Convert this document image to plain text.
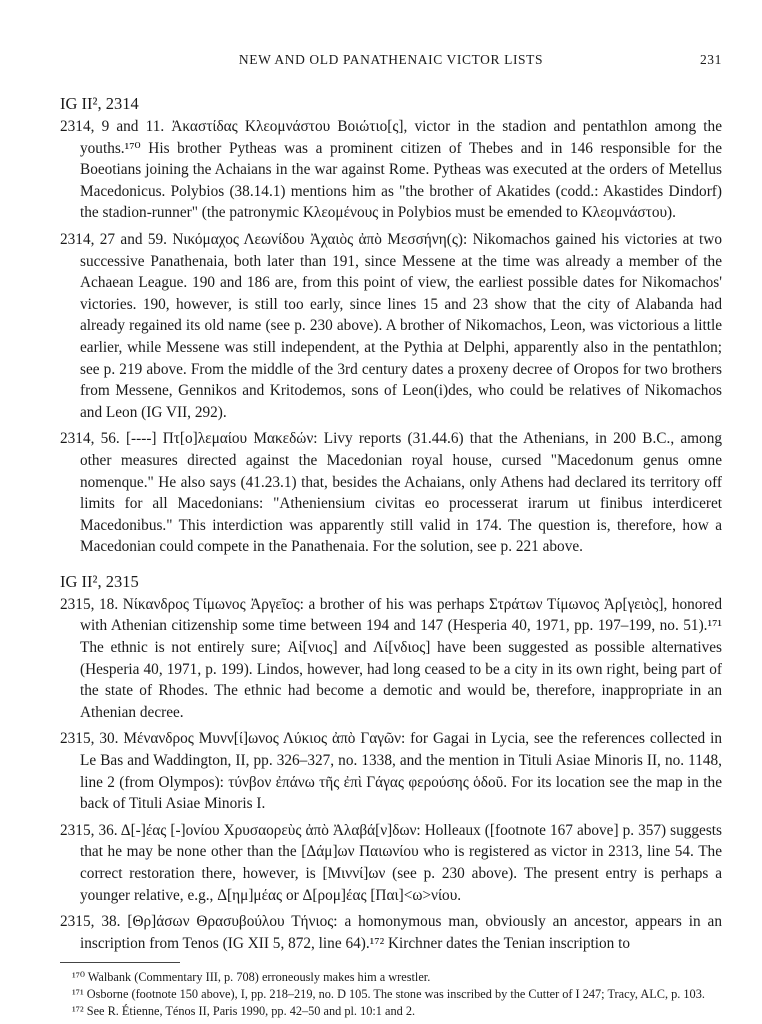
NEW AND OLD PANATHENAIC VICTOR LISTS	231
IG II², 2314

2314, 9 and 11. Ἀκαστίδας Κλεομνάστου Βοιώτιο[ς], victor in the stadion and pentathlon among the youths.¹⁷⁰ His brother Pytheas was a prominent citizen of Thebes and in 146 responsible for the Boeotians joining the Achaians in the war against Rome. Pytheas was executed at the orders of Metellus Macedonicus. Polybios (38.14.1) mentions him as "the brother of Akatides (codd.: Akastides Dindorf) the stadion-runner" (the patronymic Κλεομένους in Polybios must be emended to Κλεομνάστου).

2314, 27 and 59. Νικόμαχος Λεωνίδου Ἀχαιὸς ἀπὸ Μεσσήνη(ς): Nikomachos gained his victories at two successive Panathenaia, both later than 191, since Messene at the time was already a member of the Achaean League. 190 and 186 are, from this point of view, the earliest possible dates for Nikomachos' victories. 190, however, is still too early, since lines 15 and 23 show that the city of Alabanda had already regained its old name (see p. 230 above). A brother of Nikomachos, Leon, was victorious a little earlier, while Messene was still independent, at the Pythia at Delphi, apparently also in the pentathlon; see p. 219 above. From the middle of the 3rd century dates a proxeny decree of Oropos for two brothers from Messene, Gennikos and Kritodemos, sons of Leon(i)des, who could be relatives of Nikomachos and Leon (IG VII, 292).

2314, 56. [----] Πτ[ο]λεμαίου Μακεδών: Livy reports (31.44.6) that the Athenians, in 200 B.C., among other measures directed against the Macedonian royal house, cursed "Macedonum genus omne nomenque." He also says (41.23.1) that, besides the Achaians, only Athens had declared its territory off limits for all Macedonians: "Atheniensium civitas eo processerat irarum ut finibus interdiceret Macedonibus." This interdiction was apparently still valid in 174. The question is, therefore, how a Macedonian could compete in the Panathenaia. For the solution, see p. 221 above.

IG II², 2315

2315, 18. Νίκανδρος Τίμωνος Ἀργεῖος: a brother of his was perhaps Στράτων Τίμωνος Ἀρ[γειὸς], honored with Athenian citizenship some time between 194 and 147 (Hesperia 40, 1971, pp. 197–199, no. 51).¹⁷¹ The ethnic is not entirely sure; Αἰ[νιος] and Λί[νδιος] have been suggested as possible alternatives (Hesperia 40, 1971, p. 199). Lindos, however, had long ceased to be a city in its own right, being part of the state of Rhodes. The ethnic had become a demotic and would be, therefore, inappropriate in an Athenian decree.

2315, 30. Μένανδρος Μυνν[ί]ωνος Λύκιος ἀπὸ Γαγῶν: for Gagai in Lycia, see the references collected in Le Bas and Waddington, II, pp. 326–327, no. 1338, and the mention in Tituli Asiae Minoris II, no. 1148, line 2 (from Olympos): τύνβον ἐπάνω τῆς ἐπὶ Γάγας φερούσης ὁδοῦ. For its location see the map in the back of Tituli Asiae Minoris I.

2315, 36. Δ[-]έας [-]ονίου Χρυσαορεὺς ἀπὸ Ἀλαβά[ν]δων: Holleaux ([footnote 167 above] p. 357) suggests that he may be none other than the [Δάμ]ων Παιωνίου who is registered as victor in 2313, line 54. The correct restoration there, however, is [Μιννί]ων (see p. 230 above). The present entry is perhaps a younger relative, e.g., Δ[ημ]μέας or Δ[ρομ]έας [Παι]<ω>νίου.

2315, 38. [Θρ]άσων Θρασυβούλου Τήνιος: a homonymous man, obviously an ancestor, appears in an inscription from Tenos (IG XII 5, 872, line 64).¹⁷² Kirchner dates the Tenian inscription to

¹⁷⁰ Walbank (Commentary III, p. 708) erroneously makes him a wrestler.

¹⁷¹ Osborne (footnote 150 above), I, pp. 218–219, no. D 105. The stone was inscribed by the Cutter of I 247; Tracy, ALC, p. 103.

¹⁷² See R. Étienne, Ténos II, Paris 1990, pp. 42–50 and pl. 10:1 and 2.
